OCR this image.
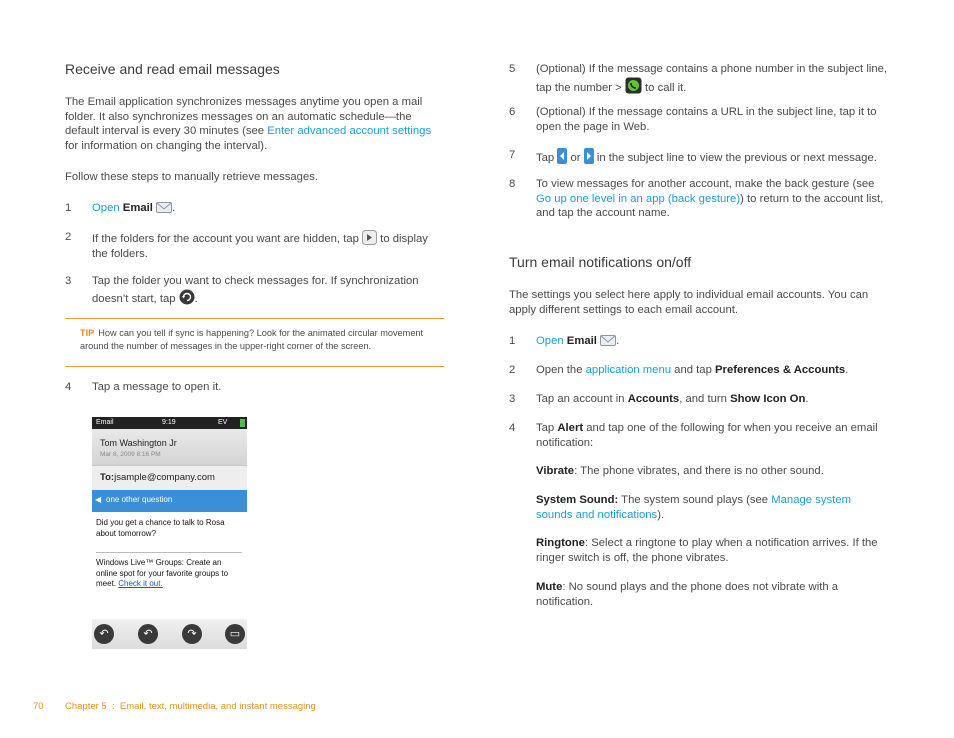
Receive and read email messages

The Email application synchronizes messages anytime you open a mail folder. It also synchronizes messages on an automatic schedule—the default interval is every 30 minutes (see Enter advanced account settings for information on changing the interval).

Follow these steps to manually retrieve messages.

1 Open Email .
2 If the folders for the account you want are hidden, tap  to display the folders.
3 Tap the folder you want to check messages for. If synchronization doesn’t start, tap .
TIP How can you tell if sync is happening? Look for the animated circular movement around the number of messages in the upper-right corner of the screen.
4 Tap a message to open it.
Email	9:19	EV
Tom Washington Jr
Mar 8, 2009 8:16 PM
To:jsample@company.com
◀ one other question
Did you get a chance to talk to Rosa about tomorrow?
Windows Live™ Groups: Create an online spot for your favorite groups to meet. Check it out.
↶	↶	↷	▭
5 (Optional) If the message contains a phone number in the subject line, tap the number >  to call it.
6 (Optional) If the message contains a URL in the subject line, tap it to open the page in Web.
7 Tap  or  in the subject line to view the previous or next message.
8 To view messages for another account, make the back gesture (see Go up one level in an app (back gesture)) to return to the account list, and tap the account name.
Turn email notifications on/off

The settings you select here apply to individual email accounts. You can apply different settings to each email account.

1 Open Email .
2 Open the application menu and tap Preferences & Accounts.
3 Tap an account in Accounts, and turn Show Icon On.
4 Tap Alert and tap one of the following for when you receive an email notification:

Vibrate: The phone vibrates, and there is no other sound.

System Sound: The system sound plays (see Manage system sounds and notifications).

Ringtone: Select a ringtone to play when a notification arrives. If the ringer switch is off, the phone vibrates.

Mute: No sound plays and the phone does not vibrate with a notification.

70 Chapter 5  :  Email, text, multimedia, and instant messaging
